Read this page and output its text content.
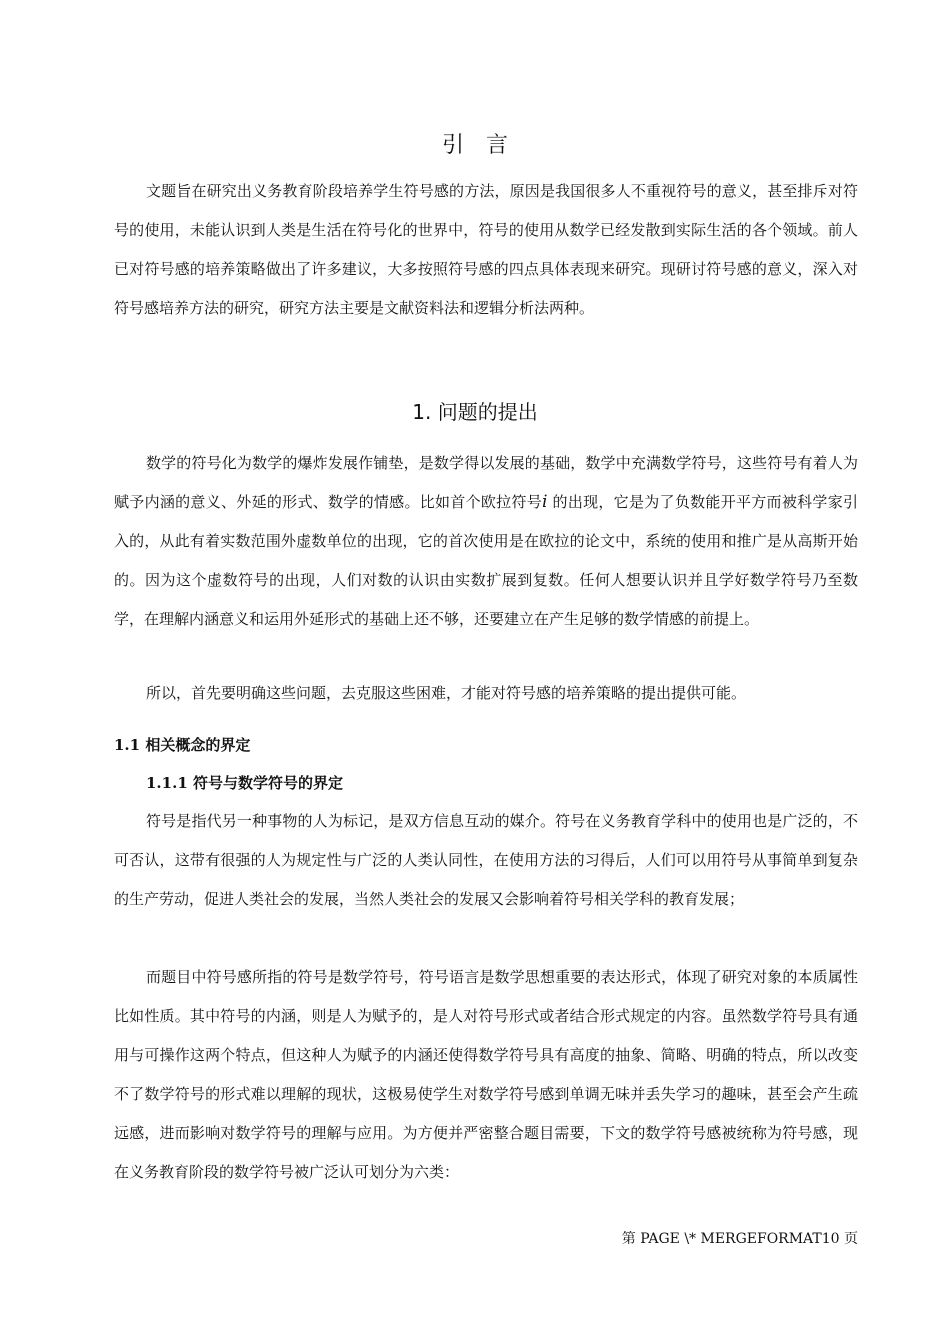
引言

文题旨在研究出义务教育阶段培养学生符号感的方法，原因是我国很多人不重视符号的意义，甚至排斥对符号的使用，未能认识到人类是生活在符号化的世界中，符号的使用从数学已经发散到实际生活的各个领域。前人已对符号感的培养策略做出了许多建议，大多按照符号感的四点具体表现来研究。现研讨符号感的意义，深入对符号感培养方法的研究，研究方法主要是文献资料法和逻辑分析法两种。

1. 问题的提出

数学的符号化为数学的爆炸发展作铺垫，是数学得以发展的基础，数学中充满数学符号，这些符号有着人为赋予内涵的意义、外延的形式、数学的情感。比如首个欧拉符号i 的出现，它是为了负数能开平方而被科学家引入的，从此有着实数范围外虚数单位的出现，它的首次使用是在欧拉的论文中，系统的使用和推广是从高斯开始的。因为这个虚数符号的出现，人们对数的认识由实数扩展到复数。任何人想要认识并且学好数学符号乃至数学，在理解内涵意义和运用外延形式的基础上还不够，还要建立在产生足够的数学情感的前提上。

所以，首先要明确这些问题，去克服这些困难，才能对符号感的培养策略的提出提供可能。

1.1 相关概念的界定
1.1.1 符号与数学符号的界定

符号是指代另一种事物的人为标记，是双方信息互动的媒介。符号在义务教育学科中的使用也是广泛的，不可否认，这带有很强的人为规定性与广泛的人类认同性，在使用方法的习得后，人们可以用符号从事简单到复杂的生产劳动，促进人类社会的发展，当然人类社会的发展又会影响着符号相关学科的教育发展；

而题目中符号感所指的符号是数学符号，符号语言是数学思想重要的表达形式，体现了研究对象的本质属性比如性质。其中符号的内涵，则是人为赋予的，是人对符号形式或者结合形式规定的内容。虽然数学符号具有通用与可操作这两个特点，但这种人为赋予的内涵还使得数学符号具有高度的抽象、简略、明确的特点，所以改变不了数学符号的形式难以理解的现状，这极易使学生对数学符号感到单调无味并丢失学习的趣味，甚至会产生疏远感，进而影响对数学符号的理解与应用。为方便并严密整合题目需要，下文的数学符号感被统称为符号感，现在义务教育阶段的数学符号被广泛认可划分为六类：

第 PAGE \* MERGEFORMAT10 页
